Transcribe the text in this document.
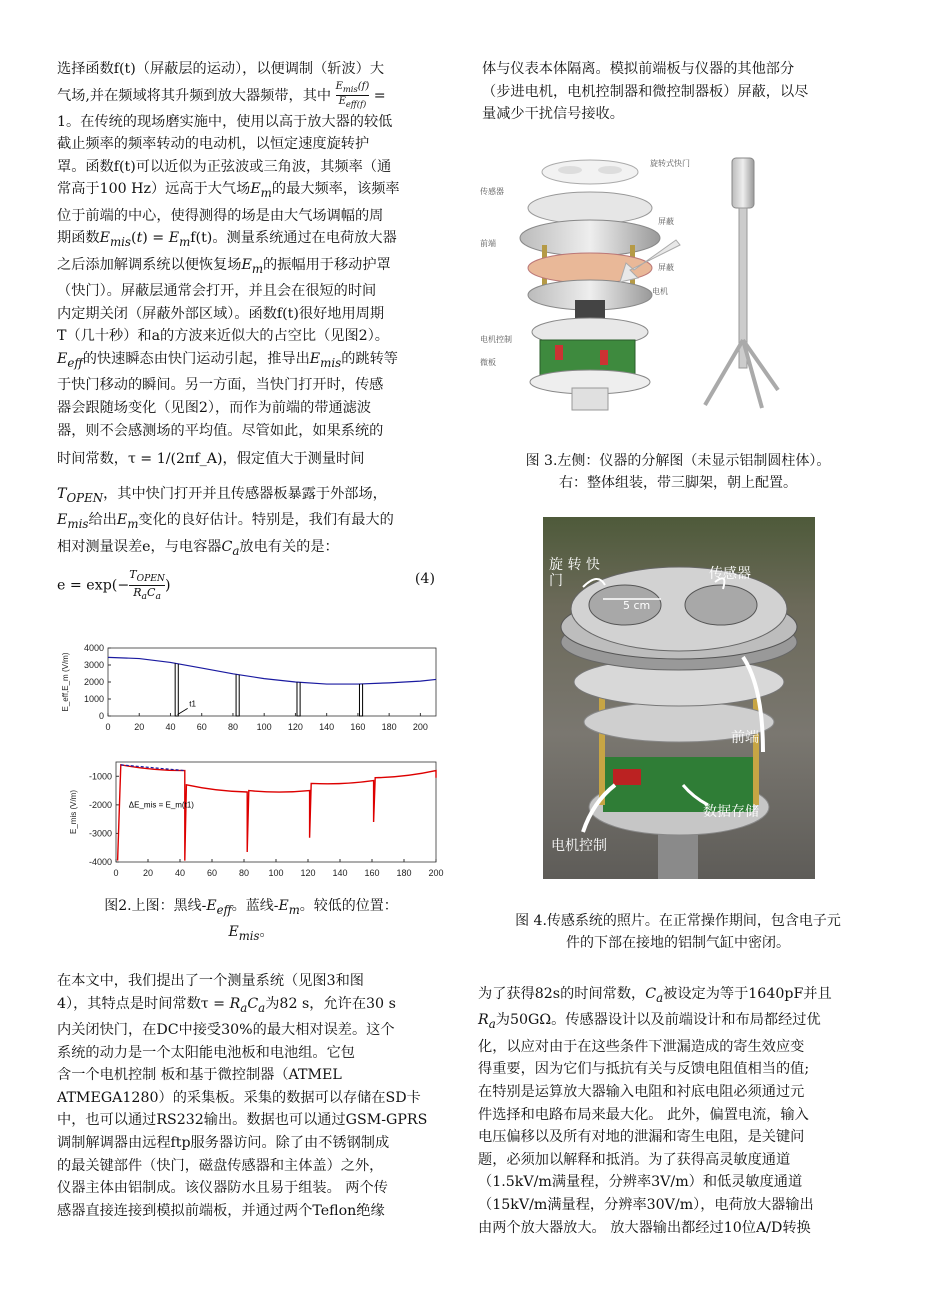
选择函数f(t)（屏蔽层的运动），以便调制（斩波）大
气场,并在频域将其升频到放大器频带，其中
$E_{mis}(f)$
$E_{eff(f)}$
=
1。在传统的现场磨实施中，使用以高于放大器的较低
截止频率的频率转动的电动机，以恒定速度旋转护
罩。函数f(t)可以近似为正弦波或三角波，其频率（通
常高于100 Hz）远高于大气场$E_m$的最大频率，该频率
位于前端的中心，使得测得的场是由大气场调幅的周
期函数$E_{mis}(t) = E_mf(t)$。测量系统通过在电荷放大器
之后添加解调系统以便恢复场$E_m$的振幅用于移动护罩
（快门）。屏蔽层通常会打开，并且会在很短的时间
内定期关闭（屏蔽外部区域）。函数f(t)很好地用周期
T（几十秒）和a的方波来近似大的占空比（见图2）。
$E_{eff}$的快速瞬态由快门运动引起，推导出$E_{mis}$的跳转等
于快门移动的瞬间。另一方面，当快门打开时，传感
器会跟随场变化（见图2），而作为前端的带通滤波
器，则不会感测场的平均值。尽管如此，如果系统的
时间常数，τ = 1/(2πf_A)，假定值大于测量时间
$T_{OPEN}$，其中快门打开并且传感器板暴露于外部场，
$E_{mis}$给出$E_m$变化的良好估计。特别是，我们有最大的
相对测量误差e，与电容器$C_a$放电有关的是：
e = exp(−
$T_{OPEN}$
$R_aC_a$
)	(4)
0	20 40 60 80 100 120 140 160 180 200
0
1000
2000
3000
4000
E_eff,E_m (V/m)	t1
0	20 40 60 80 100 120 140 160 180 200
-1000
-2000
-3000
-4000
E_mis (V/m)	ΔE_mis = E_m(t1)
图2.上图：黑线$-E_{eff}$。蓝线$-E_m$。较低的位置：
$E_{mis}$。
在本文中，我们提出了一个测量系统（见图3和图
4），其特点是时间常数$\tau = R_aC_a$为82 s，允许在30 s
内关闭快门，在DC中接受30%的最大相对误差。这个
系统的动力是一个太阳能电池板和电池组。它包
含一个电机控制 板和基于微控制器（ATMEL
ATMEGA1280）的采集板。采集的数据可以存储在SD卡
中，也可以通过RS232输出。数据也可以通过GSM-GPRS
调制解调器由远程ftp服务器访问。除了由不锈钢制成
的最关键部件（快门，磁盘传感器和主体盖）之外，
仪器主体由铝制成。该仪器防水且易于组装。 两个传
感器直接连接到模拟前端板，并通过两个Teflon绝缘
体与仪表本体隔离。模拟前端板与仪器的其他部分
（步进电机，电机控制器和微控制器板）屏蔽，以尽
量减少干扰信号接收。
旋转式快门
传感器
屏蔽
前端
屏蔽
电机
电机控制
微板
图 3.左侧：仪器的分解图（未显示铝制圆柱体）。
右：整体组装，带三脚架，朝上配置。
旋 转 快
门	传感器
5 cm
前端
数据存储
电机控制
图 4.传感系统的照片。在正常操作期间，包含电子元
件的下部在接地的铝制气缸中密闭。
为了获得82s的时间常数，$C_a$被设定为等于1640pF并且
$R_a$为50GΩ。传感器设计以及前端设计和布局都经过优
化，以应对由于在这些条件下泄漏造成的寄生效应变
得重要，因为它们与抵抗有关与反馈电阻值相当的值;
在特别是运算放大器输入电阻和衬底电阻必须通过元
件选择和电路布局来最大化。 此外，偏置电流，输入
电压偏移以及所有对地的泄漏和寄生电阻，是关键问
题，必须加以解释和抵消。为了获得高灵敏度通道
（1.5kV/m满量程，分辨率3V/m）和低灵敏度通道
（15kV/m满量程，分辨率30V/m），电荷放大器输出
由两个放大器放大。 放大器输出都经过10位A/D转换
